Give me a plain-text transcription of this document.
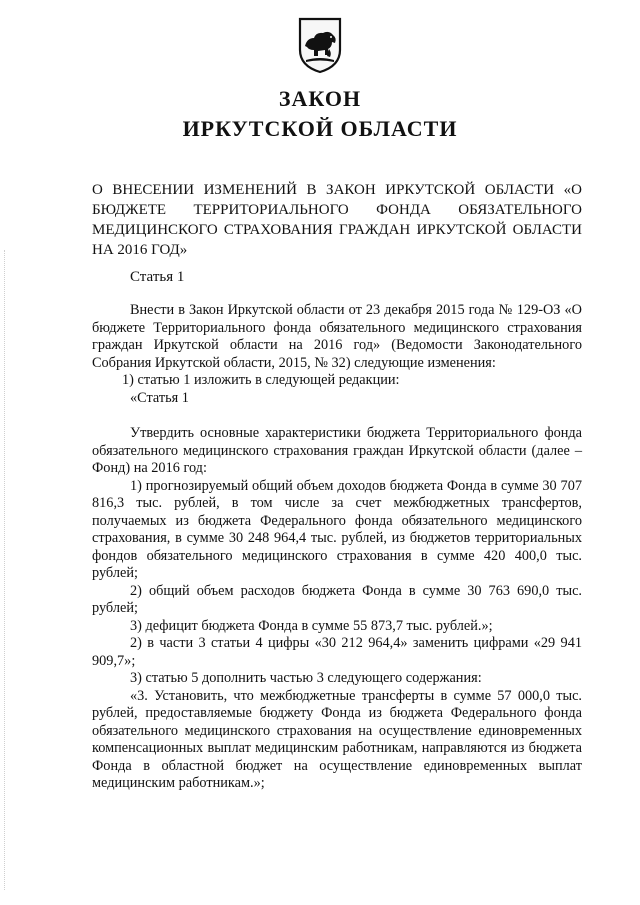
ЗАКОН
ИРКУТСКОЙ ОБЛАСТИ

О ВНЕСЕНИИ ИЗМЕНЕНИЙ В ЗАКОН ИРКУТСКОЙ ОБЛАСТИ «О БЮДЖЕТЕ ТЕРРИТОРИАЛЬНОГО ФОНДА ОБЯЗАТЕЛЬНОГО МЕДИЦИНСКОГО СТРАХОВАНИЯ ГРАЖДАН ИРКУТСКОЙ ОБЛАСТИ НА 2016 ГОД»

Статья 1

Внести в Закон Иркутской области от 23 декабря 2015 года № 129-ОЗ «О бюджете Территориального фонда обязательного медицинского страхования граждан Иркутской области на 2016 год» (Ведомости Законодательного Собрания Иркутской области, 2015, № 32) следующие изменения:

1) статью 1 изложить в следующей редакции:

«Статья 1

Утвердить основные характеристики бюджета Территориального фонда обязательного медицинского страхования граждан Иркутской области (далее – Фонд) на 2016 год:

1) прогнозируемый общий объем доходов бюджета Фонда в сумме 30 707 816,3 тыс. рублей, в том числе за счет межбюджетных трансфертов, получаемых из бюджета Федерального фонда обязательного медицинского страхования, в сумме 30 248 964,4 тыс. рублей, из бюджетов территориальных фондов обязательного медицинского страхования в сумме 420 400,0 тыс. рублей;

2) общий объем расходов бюджета Фонда в сумме 30 763 690,0 тыс. рублей;

3) дефицит бюджета Фонда в сумме 55 873,7 тыс. рублей.»;

2) в части 3 статьи 4 цифры «30 212 964,4» заменить цифрами «29 941 909,7»;

3) статью 5 дополнить частью 3 следующего содержания:

«3. Установить, что межбюджетные трансферты в сумме 57 000,0 тыс. рублей, предоставляемые бюджету Фонда из бюджета Федерального фонда обязательного медицинского страхования на осуществление единовременных компенсационных выплат медицинским работникам, направляются из бюджета Фонда в областной бюджет на осуществление единовременных выплат медицинским работникам.»;
